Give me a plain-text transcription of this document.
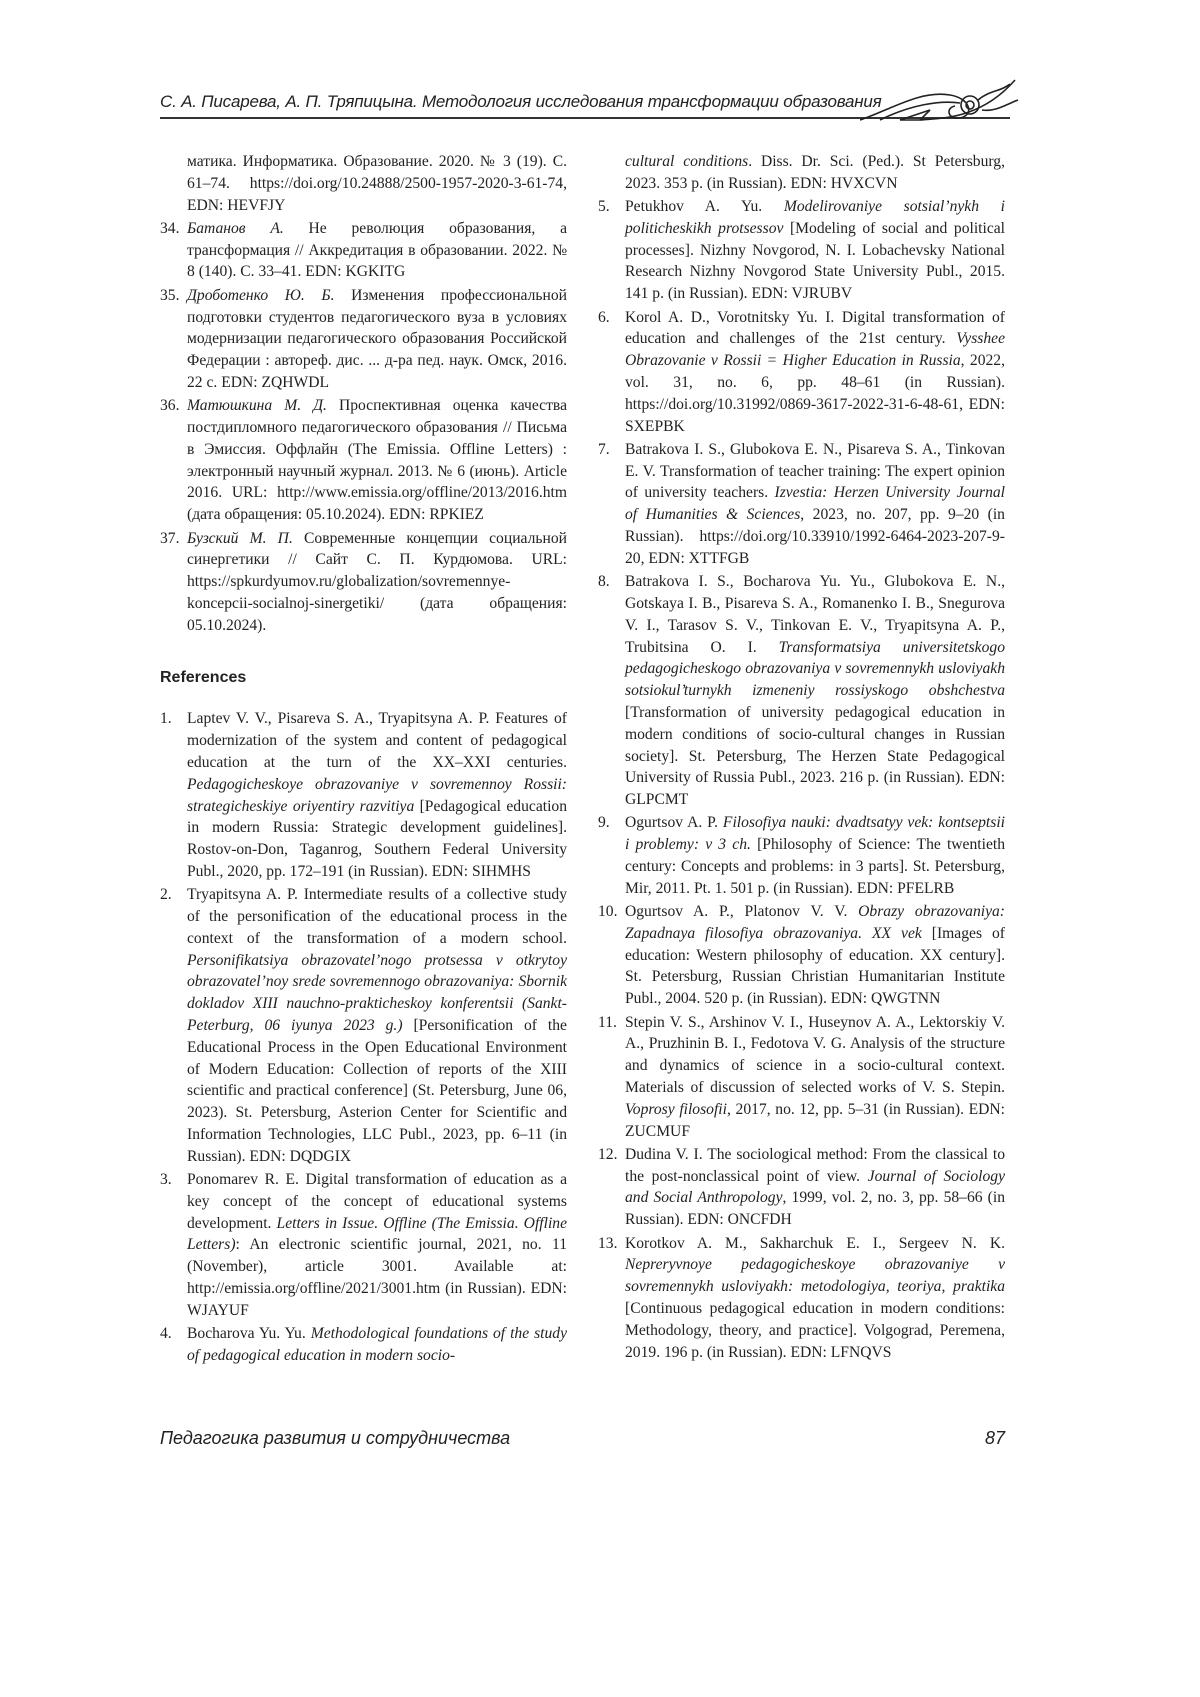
С. А. Писарева, А. П. Тряпицына. Методология исследования трансформации образования
матика. Информатика. Образование. 2020. № 3 (19). С. 61–74. https://doi.org/10.24888/2500-1957-2020-3-61-74, EDN: HEVFJY
34. Батанов А. Не революция образования, а трансформация // Аккредитация в образовании. 2022. № 8 (140). С. 33–41. EDN: KGKITG
35. Дроботенко Ю. Б. Изменения профессиональной подготовки студентов педагогического вуза в условиях модернизации педагогического образования Российской Федерации : автореф. дис. ... д-ра пед. наук. Омск, 2016. 22 с. EDN: ZQHWDL
36. Матюшкина М. Д. Проспективная оценка качества постдипломного педагогического образования // Письма в Эмиссия. Оффлайн (The Emissia. Offline Letters) : электронный научный журнал. 2013. № 6 (июнь). Article 2016. URL: http://www.emissia.org/offline/2013/2016.htm (дата обращения: 05.10.2024). EDN: RPKIEZ
37. Бузский М. П. Современные концепции социальной синергетики // Сайт С. П. Курдюмова. URL: https://spkurdyumov.ru/globalization/sovremennye-koncepcii-socialnoj-sinergetiki/ (дата обращения: 05.10.2024).
References
1. Laptev V. V., Pisareva S. A., Tryapitsyna A. P. Features of modernization of the system and content of pedagogical education at the turn of the XX–XXI centuries. Pedagogicheskoye obrazovaniye v sovremennoy Rossii: strategicheskiye oriyentiry razvitiya [Pedagogical education in modern Russia: Strategic development guidelines]. Rostov-on-Don, Taganrog, Southern Federal University Publ., 2020, pp. 172–191 (in Russian). EDN: SIHMHS
2. Tryapitsyna A. P. Intermediate results of a collective study of the personification of the educational process in the context of the transformation of a modern school. Personifikatsiya obrazovatel’nogo protsessa v otkrytoy obrazovatel’noy srede sovremennogo obrazovaniya: Sbornik dokladov XIII nauchno-prakticheskoy konferentsii (Sankt-Peterburg, 06 iyunya 2023 g.) [Personification of the Educational Process in the Open Educational Environment of Modern Education: Collection of reports of the XIII scientific and practical conference] (St. Petersburg, June 06, 2023). St. Petersburg, Asterion Center for Scientific and Information Technologies, LLC Publ., 2023, pp. 6–11 (in Russian). EDN: DQDGIX
3. Ponomarev R. E. Digital transformation of education as a key concept of the concept of educational systems development. Letters in Issue. Offline (The Emissia. Offline Letters): An electronic scientific journal, 2021, no. 11 (November), article 3001. Available at: http://emissia.org/offline/2021/3001.htm (in Russian). EDN: WJAYUF
4. Bocharova Yu. Yu. Methodological foundations of the study of pedagogical education in modern socio-
cultural conditions. Diss. Dr. Sci. (Ped.). St Petersburg, 2023. 353 p. (in Russian). EDN: HVXCVN
5. Petukhov A. Yu. Modelirovaniye sotsial’nykh i politicheskikh protsessov [Modeling of social and political processes]. Nizhny Novgorod, N. I. Lobachevsky National Research Nizhny Novgorod State University Publ., 2015. 141 p. (in Russian). EDN: VJRUBV
6. Korol A. D., Vorotnitsky Yu. I. Digital transformation of education and challenges of the 21st century. Vysshee Obrazovanie v Rossii = Higher Education in Russia, 2022, vol. 31, no. 6, pp. 48–61 (in Russian). https://doi.org/10.31992/0869-3617-2022-31-6-48-61, EDN: SXEPBK
7. Batrakova I. S., Glubokova E. N., Pisareva S. A., Tinkovan E. V. Transformation of teacher training: The expert opinion of university teachers. Izvestia: Herzen University Journal of Humanities & Sciences, 2023, no. 207, pp. 9–20 (in Russian). https://doi.org/10.33910/1992-6464-2023-207-9-20, EDN: XTTFGB
8. Batrakova I. S., Bocharova Yu. Yu., Glubokova E. N., Gotskaya I. B., Pisareva S. A., Romanenko I. B., Snegurova V. I., Tarasov S. V., Tinkovan E. V., Tryapitsyna A. P., Trubitsina O. I. Transformatsiya universitetskogo pedagogicheskogo obrazovaniya v sovremennykh usloviyakh sotsiokul’turnykh izmeneniy rossiyskogo obshchestva [Transformation of university pedagogical education in modern conditions of socio-cultural changes in Russian society]. St. Petersburg, The Herzen State Pedagogical University of Russia Publ., 2023. 216 p. (in Russian). EDN: GLPCMT
9. Ogurtsov A. P. Filosofiya nauki: dvadtsatyy vek: kontseptsii i problemy: v 3 ch. [Philosophy of Science: The twentieth century: Concepts and problems: in 3 parts]. St. Petersburg, Mir, 2011. Pt. 1. 501 p. (in Russian). EDN: PFELRB
10. Ogurtsov A. P., Platonov V. V. Obrazy obrazovaniya: Zapadnaya filosofiya obrazovaniya. XX vek [Images of education: Western philosophy of education. XX century]. St. Petersburg, Russian Christian Humanitarian Institute Publ., 2004. 520 p. (in Russian). EDN: QWGTNN
11. Stepin V. S., Arshinov V. I., Huseynov A. A., Lektorskiy V. A., Pruzhinin B. I., Fedotova V. G. Analysis of the structure and dynamics of science in a socio-cultural context. Materials of discussion of selected works of V. S. Stepin. Voprosy filosofii, 2017, no. 12, pp. 5–31 (in Russian). EDN: ZUCMUF
12. Dudina V. I. The sociological method: From the classical to the post-nonclassical point of view. Journal of Sociology and Social Anthropology, 1999, vol. 2, no. 3, pp. 58–66 (in Russian). EDN: ONCFDH
13. Korotkov A. M., Sakharchuk E. I., Sergeev N. K. Nepreryvnoye pedagogicheskoye obrazovaniye v sovremennykh usloviyakh: metodologiya, teoriya, praktika [Continuous pedagogical education in modern conditions: Methodology, theory, and practice]. Volgograd, Peremena, 2019. 196 p. (in Russian). EDN: LFNQVS
Педагогика развития и сотрудничества	87
